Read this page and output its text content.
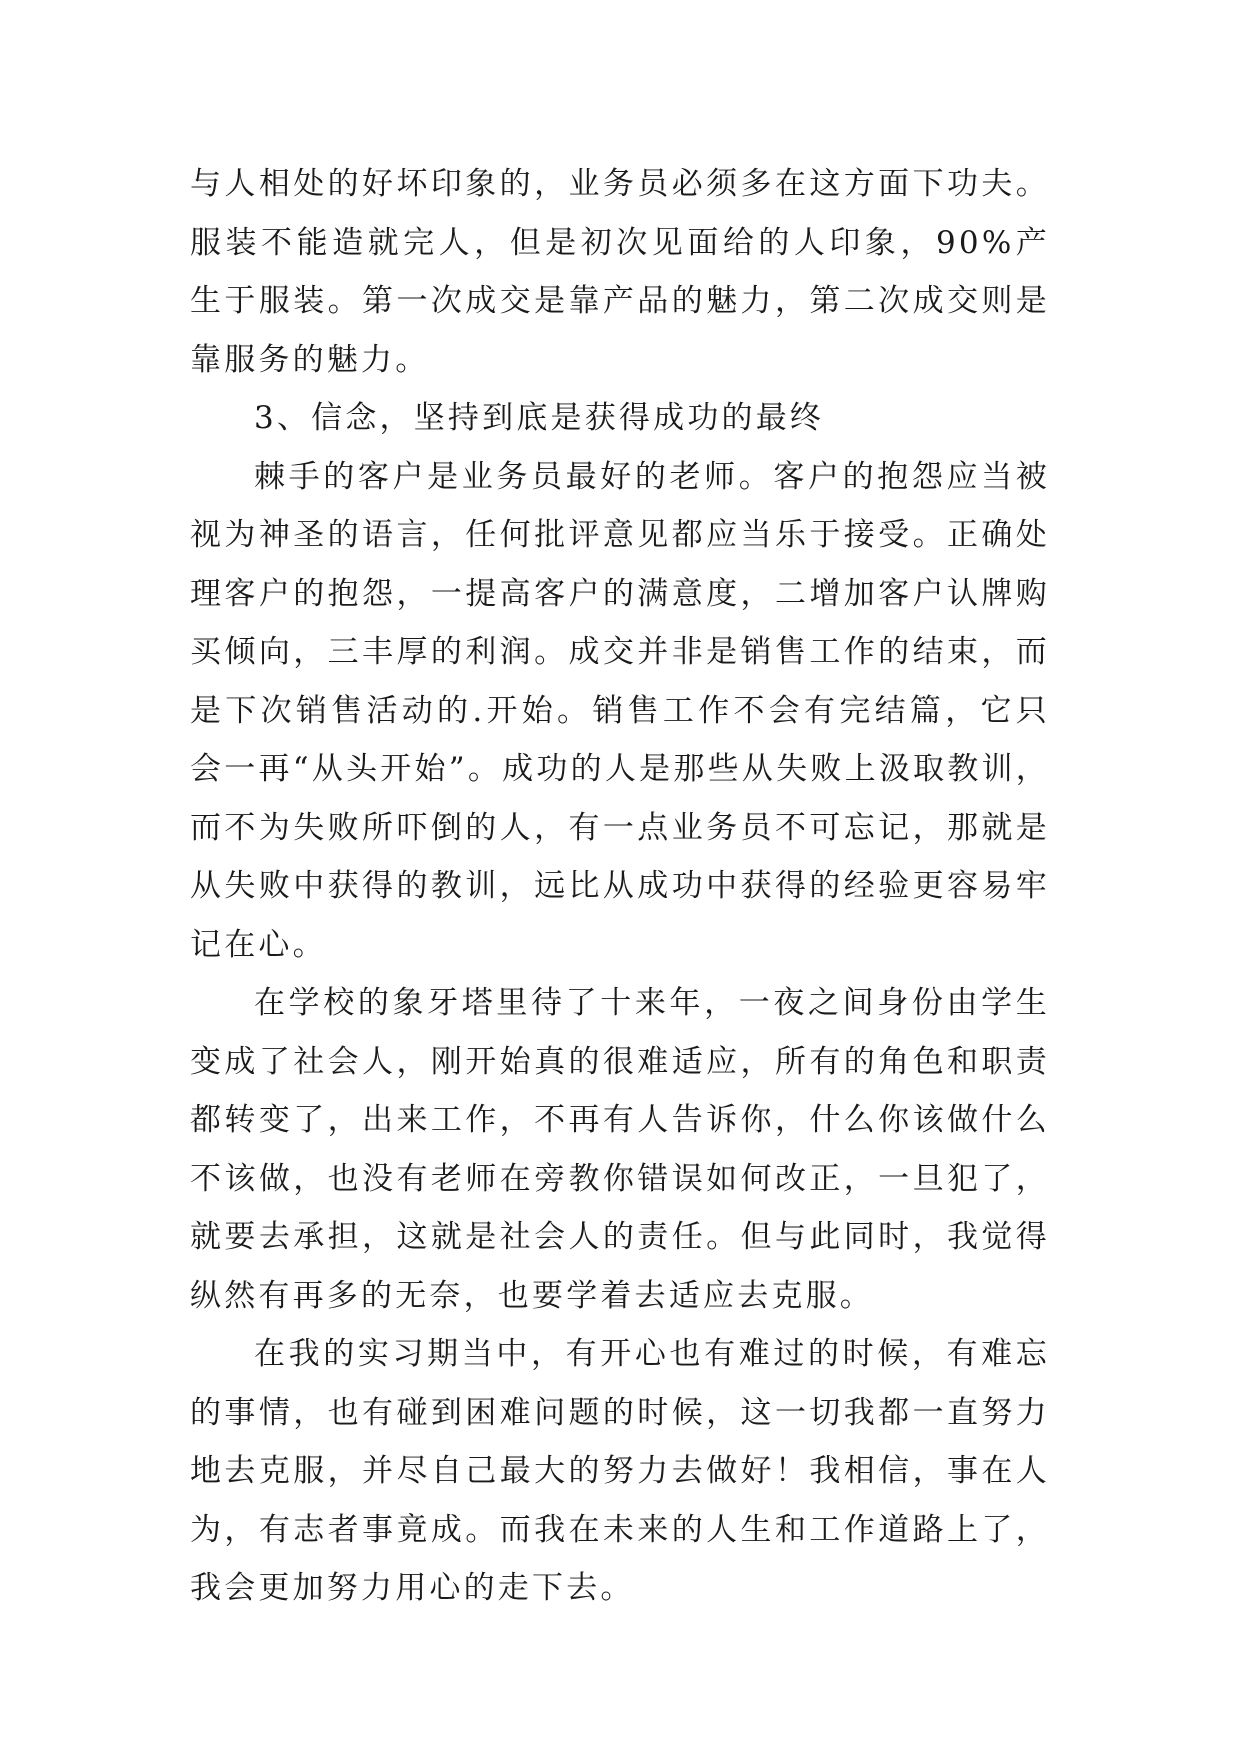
与人相处的好坏印象的，业务员必须多在这方面下功夫。服装不能造就完人，但是初次见面给的人印象，90%产生于服装。第一次成交是靠产品的魅力，第二次成交则是靠服务的魅力。

3、信念，坚持到底是获得成功的最终

棘手的客户是业务员最好的老师。客户的抱怨应当被视为神圣的语言，任何批评意见都应当乐于接受。正确处理客户的抱怨，一提高客户的满意度，二增加客户认牌购买倾向，三丰厚的利润。成交并非是销售工作的结束，而是下次销售活动的.开始。销售工作不会有完结篇，它只会一再“从头开始”。成功的人是那些从失败上汲取教训，而不为失败所吓倒的人，有一点业务员不可忘记，那就是从失败中获得的教训，远比从成功中获得的经验更容易牢记在心。

在学校的象牙塔里待了十来年，一夜之间身份由学生变成了社会人，刚开始真的很难适应，所有的角色和职责都转变了，出来工作，不再有人告诉你，什么你该做什么不该做，也没有老师在旁教你错误如何改正，一旦犯了，就要去承担，这就是社会人的责任。但与此同时，我觉得纵然有再多的无奈，也要学着去适应去克服。

在我的实习期当中，有开心也有难过的时候，有难忘的事情，也有碰到困难问题的时候，这一切我都一直努力地去克服，并尽自己最大的努力去做好！我相信，事在人为，有志者事竟成。而我在未来的人生和工作道路上了，我会更加努力用心的走下去。
